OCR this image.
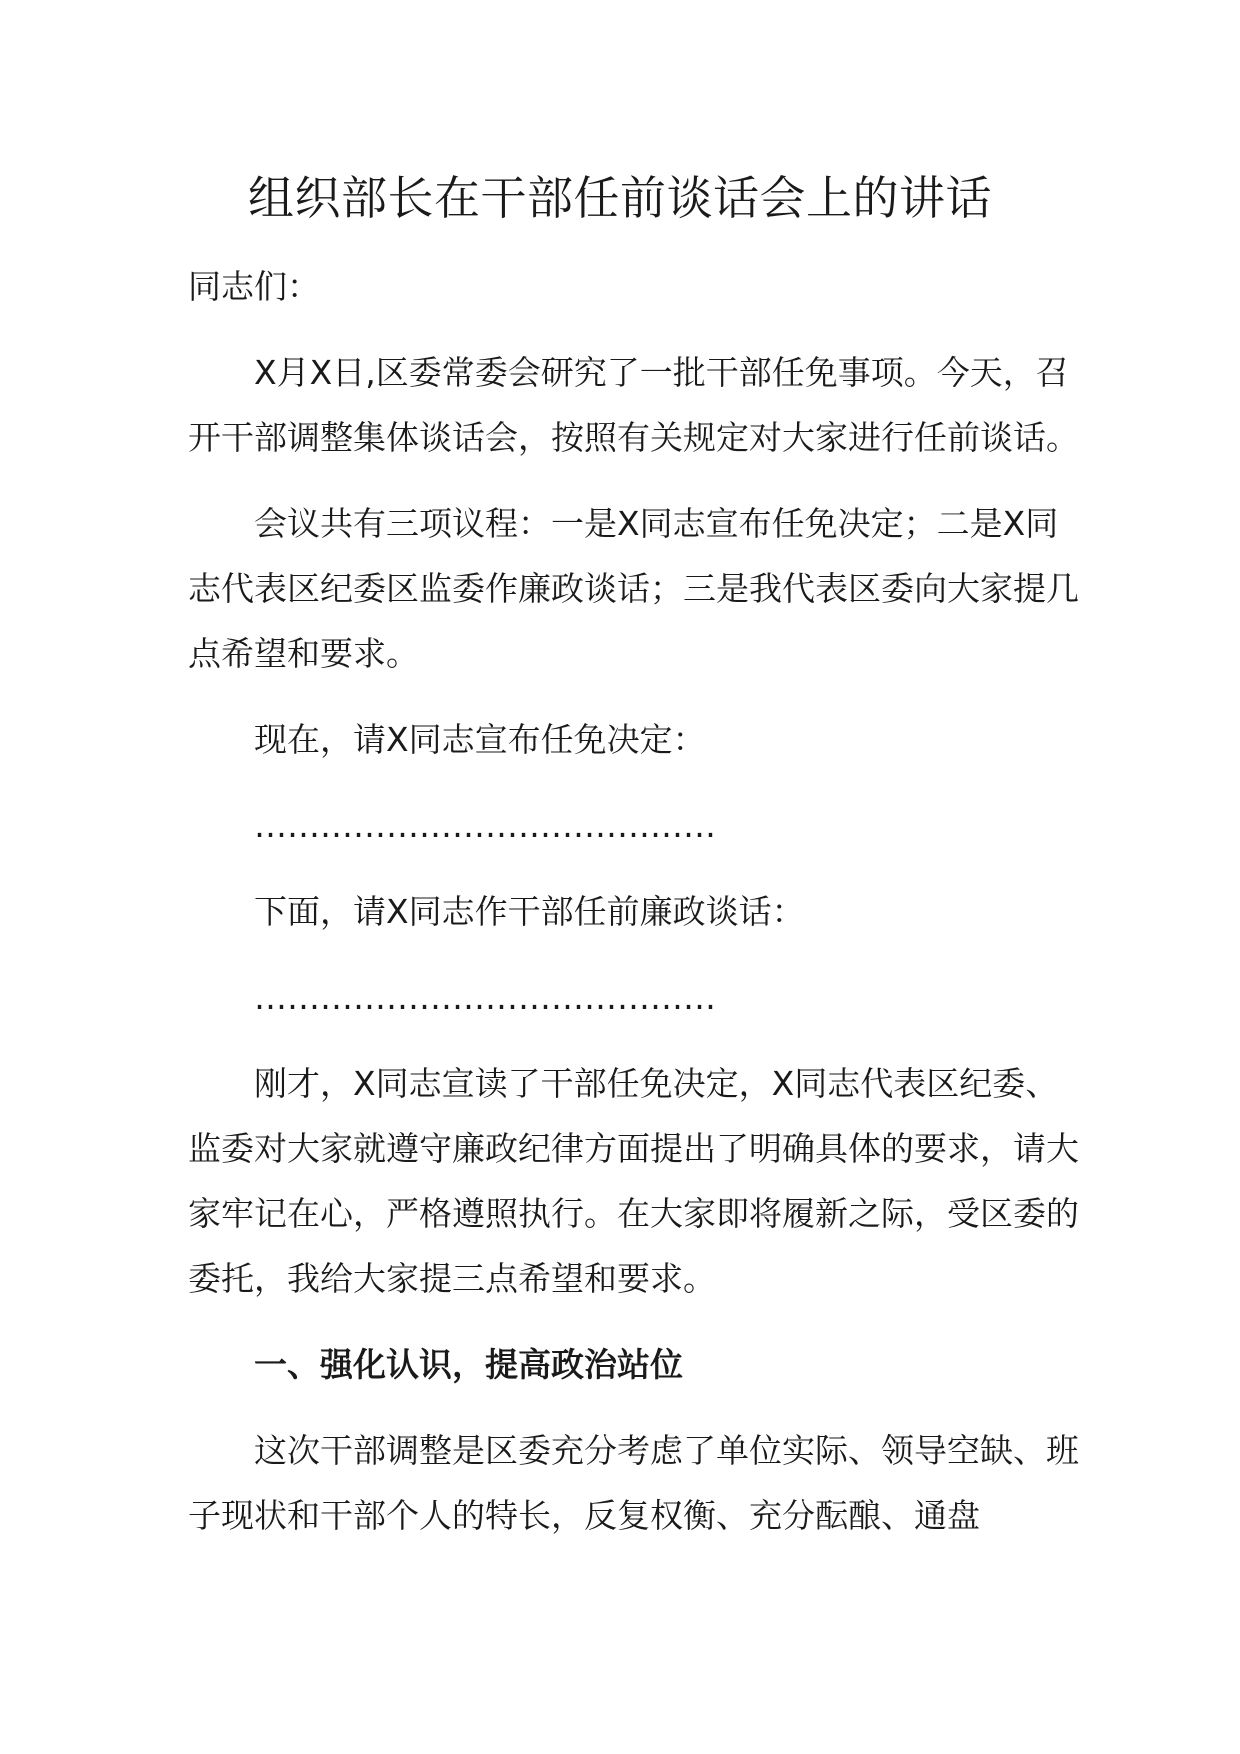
组织部长在干部任前谈话会上的讲话

同志们：

X月X日,区委常委会研究了一批干部任免事项。今天，召开干部调整集体谈话会，按照有关规定对大家进行任前谈话。

会议共有三项议程：一是X同志宣布任免决定；二是X同志代表区纪委区监委作廉政谈话；三是我代表区委向大家提几点希望和要求。

现在，请X同志宣布任免决定：

……………………………………

下面，请X同志作干部任前廉政谈话：

……………………………………

刚才，X同志宣读了干部任免决定，X同志代表区纪委、监委对大家就遵守廉政纪律方面提出了明确具体的要求，请大家牢记在心，严格遵照执行。在大家即将履新之际，受区委的委托，我给大家提三点希望和要求。

一、强化认识，提高政治站位

这次干部调整是区委充分考虑了单位实际、领导空缺、班子现状和干部个人的特长，反复权衡、充分酝酿、通盘
